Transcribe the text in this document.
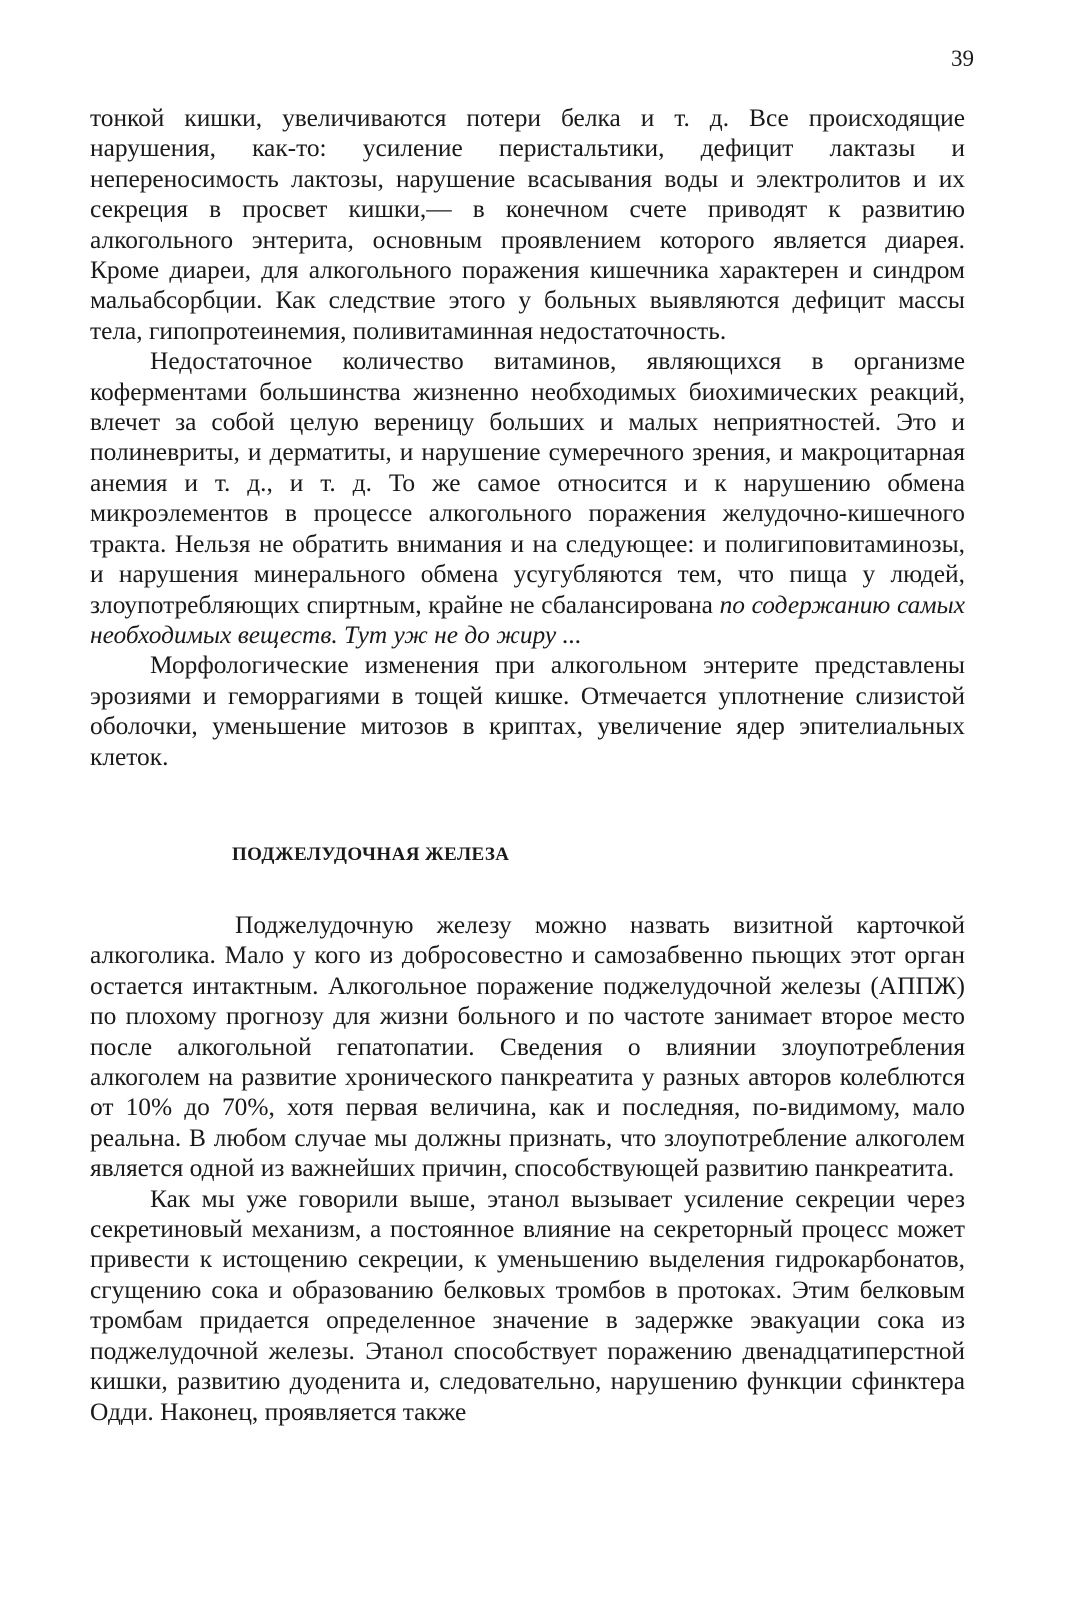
39

тонкой кишки, увеличиваются потери белка и т. д. Все происходящие нарушения, как-то: усиление перистальтики, дефицит лактазы и непереносимость лактозы, нарушение всасывания воды и электролитов и их секреция в просвет кишки,— в конечном счете приводят к развитию алкогольного энтерита, основным проявлением которого является диарея. Кроме диареи, для алкогольного поражения кишечника характерен и синдром мальабсорбции. Как следствие этого у больных выявляются дефицит массы тела, гипопротеинемия, поливитаминная недостаточность.

Недостаточное количество витаминов, являющихся в организме коферментами большинства жизненно необходимых биохимических реакций, влечет за собой целую вереницу больших и малых неприятностей. Это и полиневриты, и дерматиты, и нарушение сумеречного зрения, и макроцитарная анемия и т. д., и т. д. То же самое относится и к нарушению обмена микроэлементов в процессе алкогольного поражения желудочно-кишечного тракта. Нельзя не обратить внимания и на следующее: и полигиповитаминозы, и нарушения минерального обмена усугубляются тем, что пища у людей, злоупотребляющих спиртным, крайне не сбалансирована по содержанию самых необходимых веществ. Тут уж не до жиру ...

Морфологические изменения при алкогольном энтерите представлены эрозиями и геморрагиями в тощей кишке. Отмечается уплотнение слизистой оболочки, уменьшение митозов в криптах, увеличение ядер эпителиальных клеток.

ПОДЖЕЛУДОЧНАЯ ЖЕЛЕЗА

Поджелудочную железу можно назвать визитной карточкой алкоголика. Мало у кого из добросовестно и самозабвенно пьющих этот орган остается интактным. Алкогольное поражение поджелудочной железы (АППЖ) по плохому прогнозу для жизни больного и по частоте занимает второе место после алкогольной гепатопатии. Сведения о влиянии злоупотребления алкоголем на развитие хронического панкреатита у разных авторов колеблются от 10% до 70%, хотя первая величина, как и последняя, по-видимому, мало реальна. В любом случае мы должны признать, что злоупотребление алкоголем является одной из важнейших причин, способствующей развитию панкреатита.

Как мы уже говорили выше, этанол вызывает усиление секреции через секретиновый механизм, а постоянное влияние на секреторный процесс может привести к истощению секреции, к уменьшению выделения гидрокарбонатов, сгущению сока и образованию белковых тромбов в протоках. Этим белковым тромбам придается определенное значение в задержке эвакуации сока из поджелудочной железы. Этанол способствует поражению двенадцатиперстной кишки, развитию дуоденита и, следовательно, нарушению функции сфинктера Одди. Наконец, проявляется также
